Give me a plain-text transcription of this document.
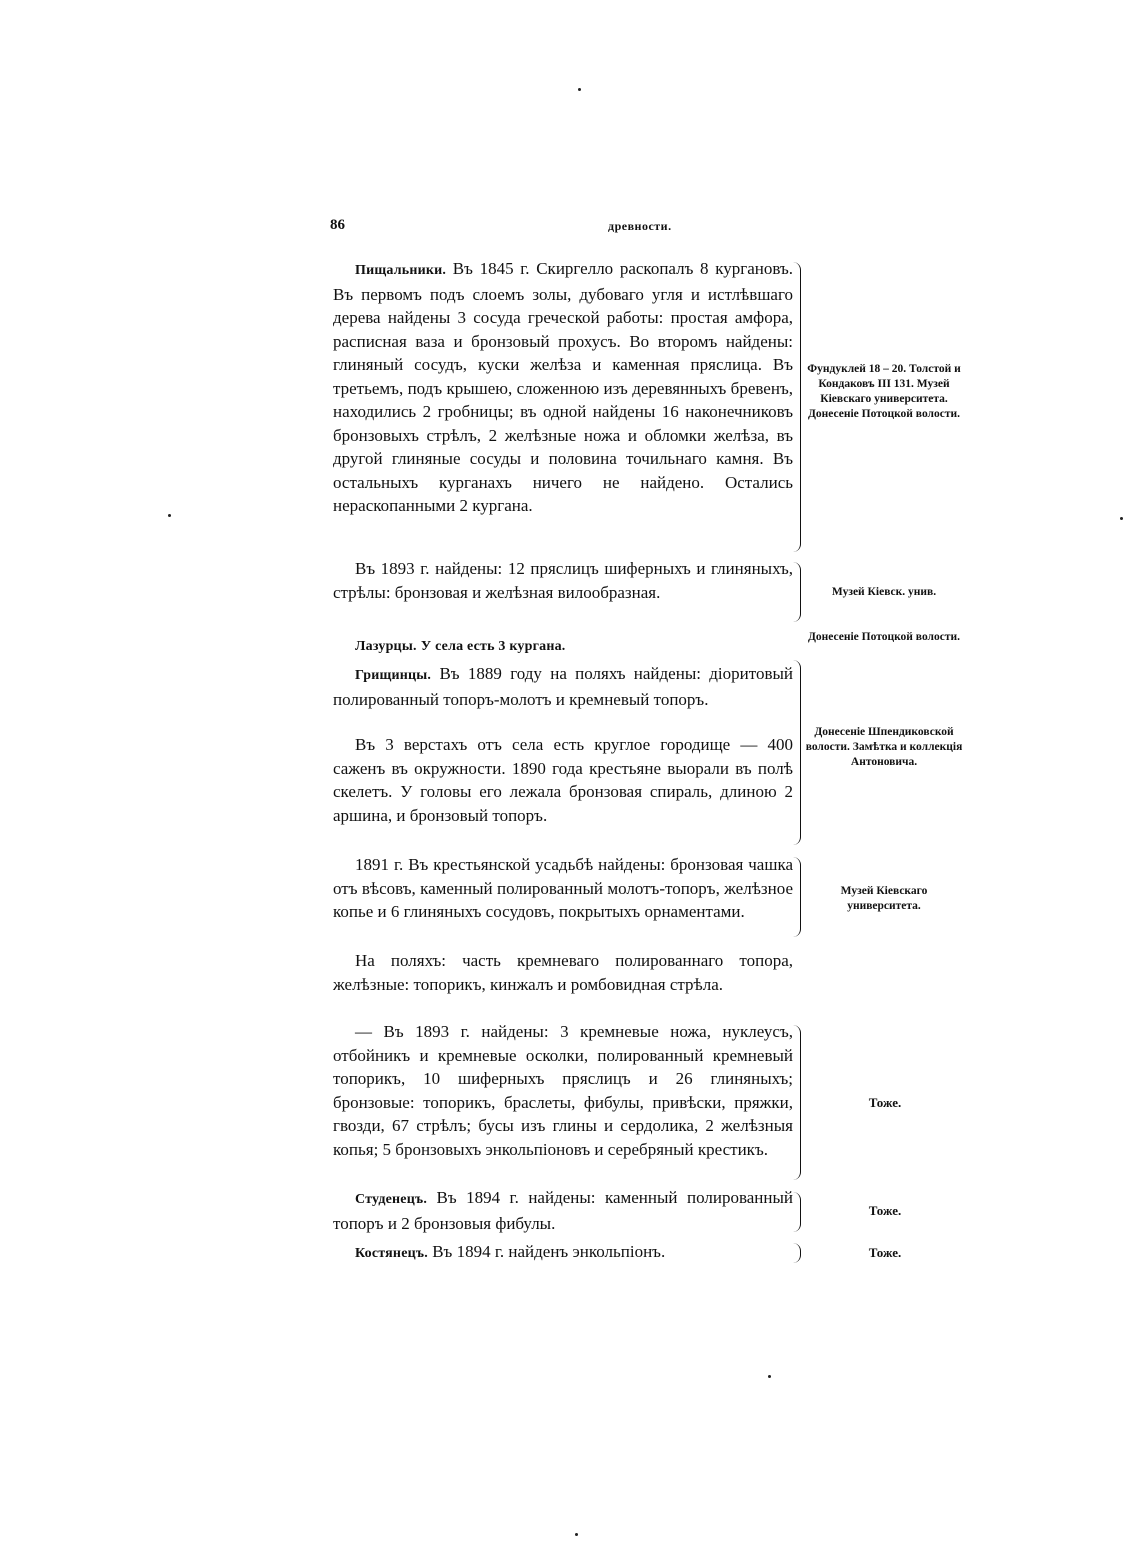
86	древности.
Пищальники. Въ 1845 г. Скиргелло раскопалъ 8 кургановъ. Въ первомъ подъ слоемъ золы, дубоваго угля и истлѣвшаго дерева найдены 3 сосуда греческой работы: простая амфора, расписная ваза и бронзовый прохусъ. Во второмъ найдены: глиняный сосудъ, куски желѣза и каменная пряслица. Въ третьемъ, подъ крышею, сложенною изъ деревянныхъ бревенъ, находились 2 гробницы; въ одной найдены 16 наконечниковъ бронзовыхъ стрѣлъ, 2 желѣзные ножа и обломки желѣза, въ другой глиняные сосуды и половина точильнаго камня. Въ остальныхъ курганахъ ничего не найдено. Остались нераскопанными 2 кургана.
Фундуклей 18 – 20. Толстой и Кондаковъ III 131. Музей Кіевскаго университета. Донесеніе Потоцкой волости.
Въ 1893 г. найдены: 12 пряслицъ шиферныхъ и глиняныхъ, стрѣлы: бронзовая и желѣзная вилообразная.	Музей Кіевск. унив.
Лазурцы. У села есть 3 кургана.
Донесеніе Потоцкой волости.
Грищинцы. Въ 1889 году на поляхъ найдены: діоритовый полированный топоръ-молотъ и кремневый топоръ.
Въ 3 верстахъ отъ села есть круглое городище — 400 саженъ въ окружности. 1890 года крестьяне выорали въ полѣ скелетъ. У головы его лежала бронзовая спираль, длиною 2 аршина, и бронзовый топоръ.
Донесеніе Шпендиковской волости. Замѣтка и коллекція Антоновича.
1891 г. Въ крестьянской усадьбѣ найдены: бронзовая чашка отъ вѣсовъ, каменный полированный молотъ-топоръ, желѣзное копье и 6 глиняныхъ сосудовъ, покрытыхъ орнаментами.
Музей Кіевскаго университета.
На поляхъ: часть кремневаго полированнаго топора, желѣзные: топорикъ, кинжалъ и ромбовидная стрѣла.
— Въ 1893 г. найдены: 3 кремневые ножа, нуклеусъ, отбойникъ и кремневые осколки, полированный кремневый топорикъ, 10 шиферныхъ пряслицъ и 26 глиняныхъ; бронзовые: топорикъ, браслеты, фибулы, привѣски, пряжки, гвозди, 67 стрѣлъ; бусы изъ глины и сердолика, 2 желѣзныя копья; 5 бронзовыхъ энкольпіоновъ и серебряный крестикъ.
Тоже.
Студенецъ. Въ 1894 г. найдены: каменный полированный топоръ и 2 бронзовыя фибулы.
Тоже.
Костянецъ. Въ 1894 г. найденъ энкольпіонъ.	Тоже.
